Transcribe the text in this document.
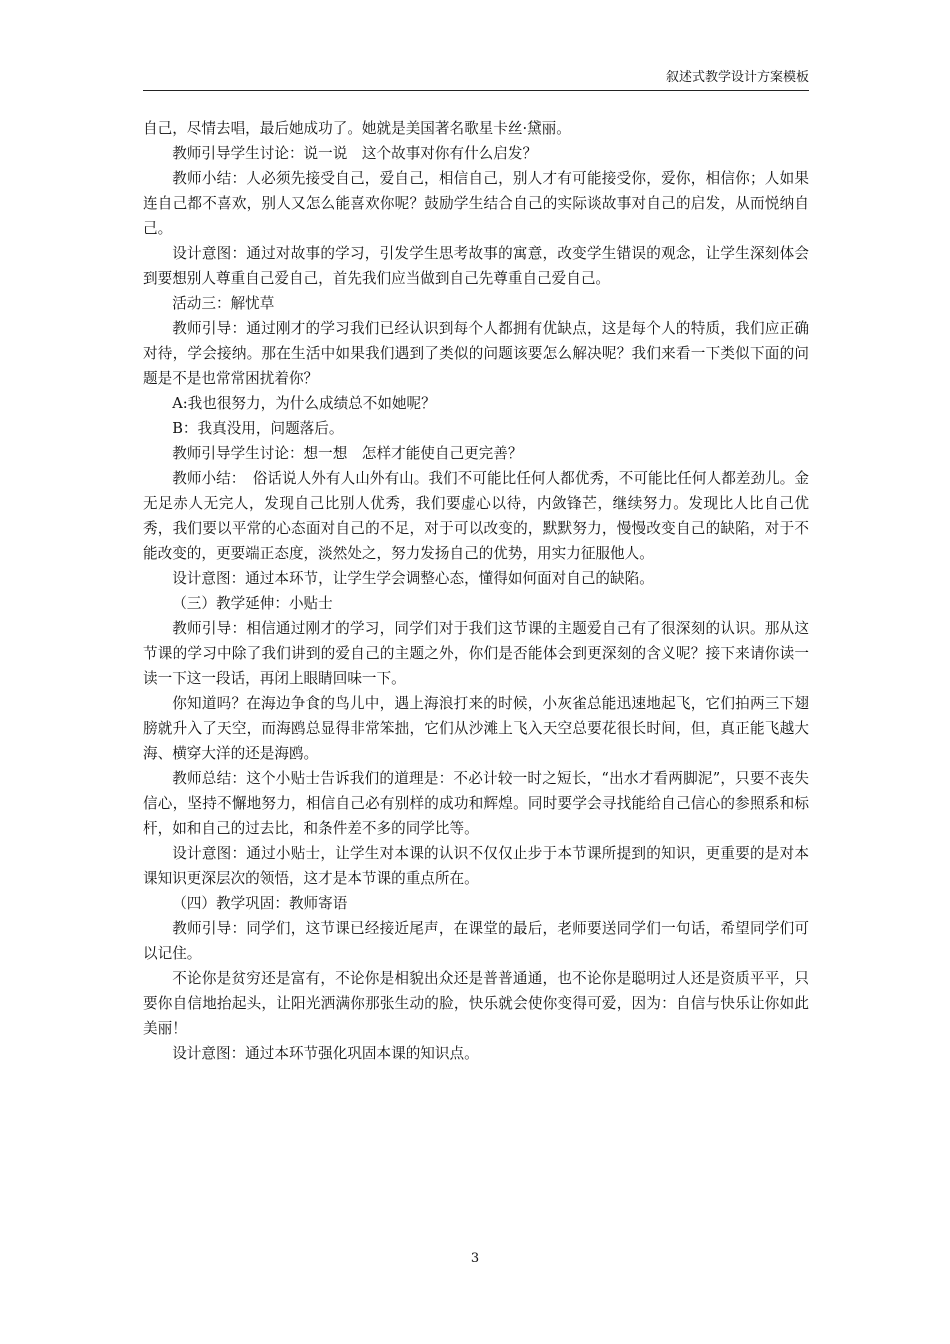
叙述式教学设计方案模板

自己，尽情去唱，最后她成功了。她就是美国著名歌星卡丝·黛丽。

教师引导学生讨论：说一说　这个故事对你有什么启发？

教师小结：人必须先接受自己，爱自己，相信自己，别人才有可能接受你，爱你，相信你；人如果连自己都不喜欢，别人又怎么能喜欢你呢？鼓励学生结合自己的实际谈故事对自己的启发，从而悦纳自己。

设计意图：通过对故事的学习，引发学生思考故事的寓意，改变学生错误的观念，让学生深刻体会到要想别人尊重自己爱自己，首先我们应当做到自己先尊重自己爱自己。

活动三：解忧草

教师引导：通过刚才的学习我们已经认识到每个人都拥有优缺点，这是每个人的特质，我们应正确对待，学会接纳。那在生活中如果我们遇到了类似的问题该要怎么解决呢？我们来看一下类似下面的问题是不是也常常困扰着你？

A:我也很努力，为什么成绩总不如她呢？

B：我真没用，问题落后。

教师引导学生讨论：想一想　怎样才能使自己更完善？

教师小结：　俗话说人外有人山外有山。我们不可能比任何人都优秀，不可能比任何人都差劲儿。金无足赤人无完人，发现自己比别人优秀，我们要虚心以待，内敛锋芒，继续努力。发现比人比自己优秀，我们要以平常的心态面对自己的不足，对于可以改变的，默默努力，慢慢改变自己的缺陷，对于不能改变的，更要端正态度，淡然处之，努力发扬自己的优势，用实力征服他人。

设计意图：通过本环节，让学生学会调整心态，懂得如何面对自己的缺陷。

（三）教学延伸：小贴士

教师引导：相信通过刚才的学习，同学们对于我们这节课的主题爱自己有了很深刻的认识。那从这节课的学习中除了我们讲到的爱自己的主题之外，你们是否能体会到更深刻的含义呢？接下来请你读一读一下这一段话，再闭上眼睛回味一下。

你知道吗？在海边争食的鸟儿中，遇上海浪打来的时候，小灰雀总能迅速地起飞，它们拍两三下翅膀就升入了天空，而海鸥总显得非常笨拙，它们从沙滩上飞入天空总要花很长时间，但，真正能飞越大海、横穿大洋的还是海鸥。

教师总结：这个小贴士告诉我们的道理是：不必计较一时之短长，“出水才看两脚泥”，只要不丧失信心，坚持不懈地努力，相信自己必有别样的成功和辉煌。同时要学会寻找能给自己信心的参照系和标杆，如和自己的过去比，和条件差不多的同学比等。

设计意图：通过小贴士，让学生对本课的认识不仅仅止步于本节课所提到的知识，更重要的是对本课知识更深层次的领悟，这才是本节课的重点所在。

（四）教学巩固：教师寄语

教师引导：同学们，这节课已经接近尾声，在课堂的最后，老师要送同学们一句话，希望同学们可以记住。

不论你是贫穷还是富有，不论你是相貌出众还是普普通通，也不论你是聪明过人还是资质平平，只要你自信地抬起头，让阳光洒满你那张生动的脸，快乐就会使你变得可爱，因为：自信与快乐让你如此美丽！

设计意图：通过本环节强化巩固本课的知识点。

3
